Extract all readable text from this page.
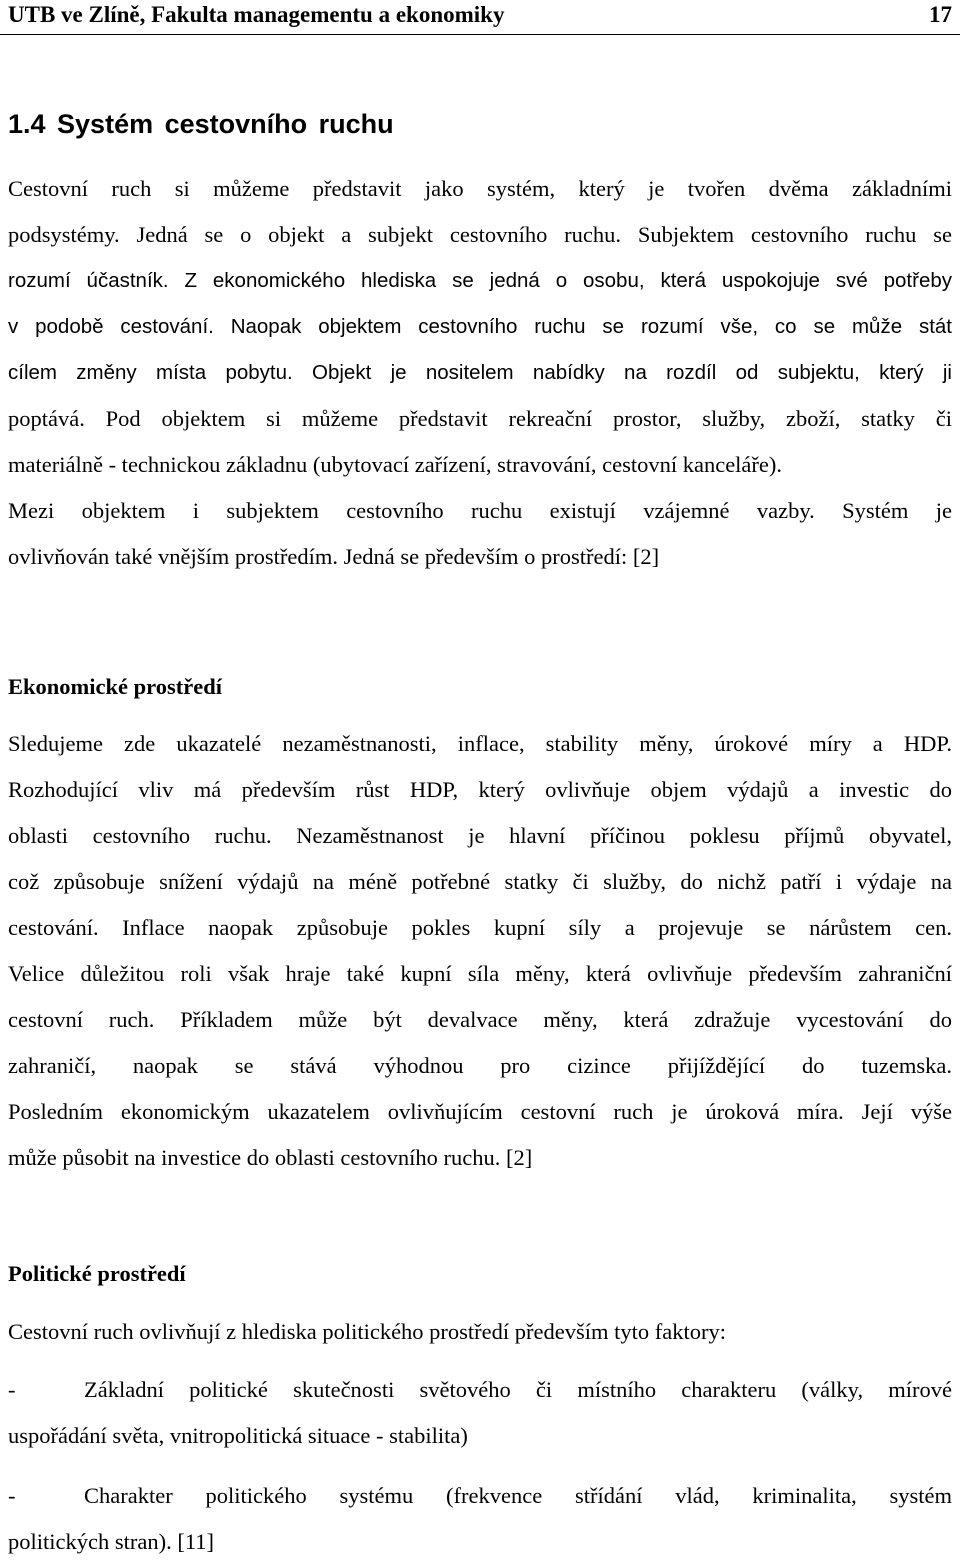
UTB ve Zlíně, Fakulta managementu a ekonomiky	17
1.4 Systém cestovního ruchu
Cestovní ruch si můžeme představit jako systém, který je tvořen dvěma základními
podsystémy. Jedná se o objekt a subjekt cestovního ruchu. Subjektem cestovního ruchu se
rozumí účastník. Z ekonomického hlediska se jedná o osobu, která uspokojuje své potřeby
v podobě cestování. Naopak objektem cestovního ruchu se rozumí vše, co se může stát
cílem změny místa pobytu. Objekt je nositelem nabídky na rozdíl od subjektu, který ji
poptává. Pod objektem si můžeme představit rekreační prostor, služby, zboží, statky či
materiálně - technickou základnu (ubytovací zařízení, stravování, cestovní kanceláře).
Mezi objektem i subjektem cestovního ruchu existují vzájemné vazby. Systém je
ovlivňován také vnějším prostředím. Jedná se především o prostředí: [2]
Ekonomické prostředí
Sledujeme zde ukazatelé nezaměstnanosti, inflace, stability měny, úrokové míry a HDP.
Rozhodující vliv má především růst HDP, který ovlivňuje objem výdajů a investic do
oblasti cestovního ruchu. Nezaměstnanost je hlavní příčinou poklesu příjmů obyvatel,
což způsobuje snížení výdajů na méně potřebné statky či služby, do nichž patří i výdaje na
cestování. Inflace naopak způsobuje pokles kupní síly a projevuje se nárůstem cen.
Velice důležitou roli však hraje také kupní síla měny, která ovlivňuje především zahraniční
cestovní ruch. Příkladem může být devalvace měny, která zdražuje vycestování do
zahraničí, naopak se stává výhodnou pro cizince přijíždějící do tuzemska.
Posledním ekonomickým ukazatelem ovlivňujícím cestovní ruch je úroková míra. Její výše
může působit na investice do oblasti cestovního ruchu. [2]
Politické prostředí
Cestovní ruch ovlivňují z hlediska politického prostředí především tyto faktory:
-	Základní politické skutečnosti světového či místního charakteru (války, mírové
uspořádání světa, vnitropolitická situace - stabilita)
-	Charakter politického systému (frekvence střídání vlád, kriminalita, systém
politických stran). [11]
